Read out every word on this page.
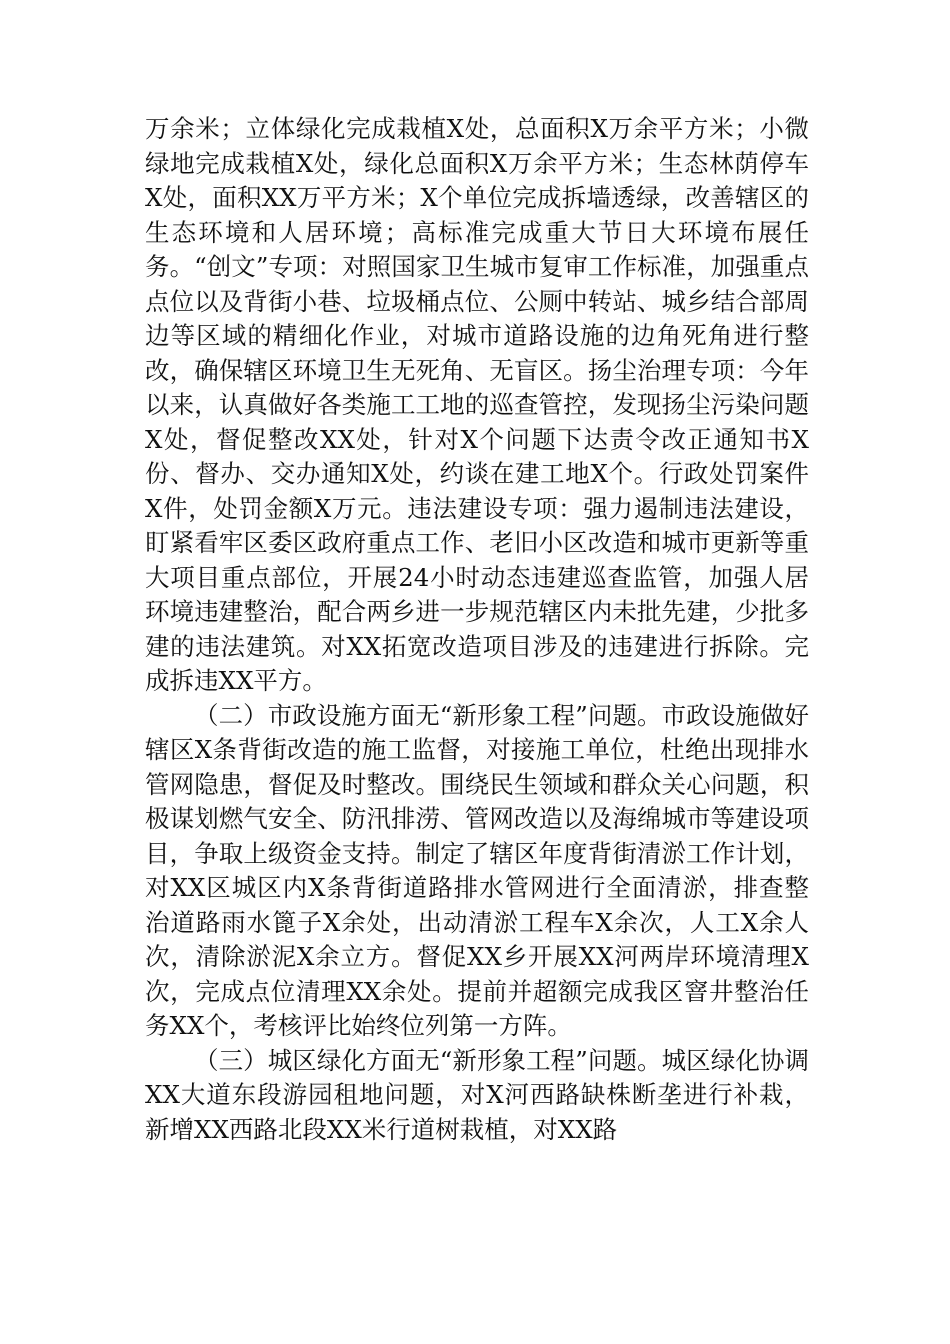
万余米；立体绿化完成栽植X处，总面积X万余平方米；小微绿地完成栽植X处，绿化总面积X万余平方米；生态林荫停车X处，面积XX万平方米；X个单位完成拆墙透绿，改善辖区的生态环境和人居环境；高标准完成重大节日大环境布展任务。“创文”专项：对照国家卫生城市复审工作标准，加强重点点位以及背街小巷、垃圾桶点位、公厕中转站、城乡结合部周边等区域的精细化作业，对城市道路设施的边角死角进行整改，确保辖区环境卫生无死角、无盲区。扬尘治理专项：今年以来，认真做好各类施工工地的巡查管控，发现扬尘污染问题X处，督促整改XX处，针对X个问题下达责令改正通知书X份、督办、交办通知X处，约谈在建工地X个。行政处罚案件X件，处罚金额X万元。违法建设专项：强力遏制违法建设，盯紧看牢区委区政府重点工作、老旧小区改造和城市更新等重大项目重点部位，开展24小时动态违建巡查监管，加强人居环境违建整治，配合两乡进一步规范辖区内未批先建，少批多建的违法建筑。对XX拓宽改造项目涉及的违建进行拆除。完成拆违XX平方。

（二）市政设施方面无“新形象工程”问题。市政设施做好辖区X条背街改造的施工监督，对接施工单位，杜绝出现排水管网隐患，督促及时整改。围绕民生领域和群众关心问题，积极谋划燃气安全、防汛排涝、管网改造以及海绵城市等建设项目，争取上级资金支持。制定了辖区年度背街清淤工作计划，对XX区城区内X条背街道路排水管网进行全面清淤，排查整治道路雨水篦子X余处，出动清淤工程车X余次，人工X余人次，清除淤泥X余立方。督促XX乡开展XX河两岸环境清理X次，完成点位清理XX余处。提前并超额完成我区窨井整治任务XX个，考核评比始终位列第一方阵。

（三）城区绿化方面无“新形象工程”问题。城区绿化协调XX大道东段游园租地问题，对X河西路缺株断垄进行补栽，新增XX西路北段XX米行道树栽植，对XX路
